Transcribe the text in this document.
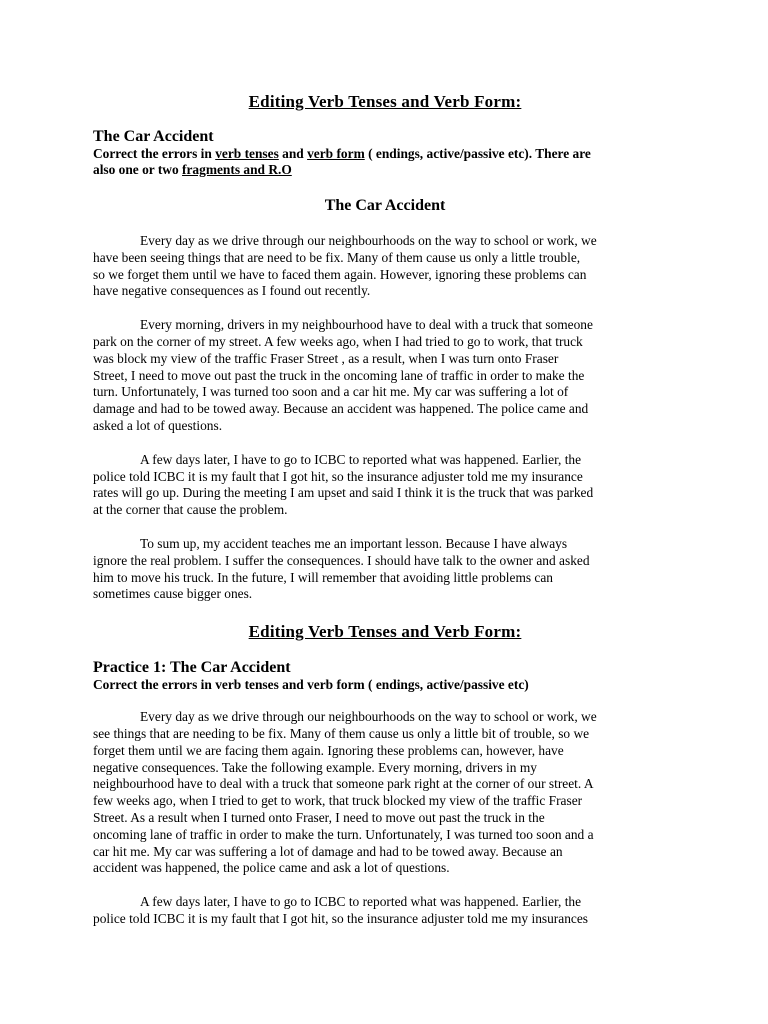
Editing Verb Tenses and Verb Form:
The Car Accident

Correct the errors in verb tenses and verb form ( endings, active/passive etc). There are
also one or two fragments and R.O

The Car Accident

Every day as we drive through our neighbourhoods on the way to school or work, we
have been seeing things that are need to be fix. Many of them cause us only a little trouble,
so we forget them until we have to faced them again. However, ignoring these problems can
have negative consequences as I found out recently.

Every morning, drivers in my neighbourhood have to deal with a truck that someone
park on the corner of my street. A few weeks ago, when I had tried to go to work, that truck
was block my view of the traffic Fraser Street , as a result, when I was turn onto Fraser
Street, I need to move out past the truck in the oncoming lane of traffic in order to make the
turn. Unfortunately, I was turned too soon and a car hit me. My car was suffering a lot of
damage and had to be towed away. Because an accident was happened. The police came and
asked a lot of questions.

A few days later, I have to go to ICBC to reported what was happened. Earlier, the
police told ICBC it is my fault that I got hit, so the insurance adjuster told me my insurance
rates will go up. During the meeting I am upset and said I think it is the truck that was parked
at the corner that cause the problem.

To sum up, my accident teaches me an important lesson. Because I have always
ignore the real problem. I suffer the consequences. I should have talk to the owner and asked
him to move his truck. In the future, I will remember that avoiding little problems can
sometimes cause bigger ones.

Editing Verb Tenses and Verb Form:
Practice 1: The Car Accident

Correct the errors in verb tenses and verb form ( endings, active/passive etc)

Every day as we drive through our neighbourhoods on the way to school or work, we
see things that are needing to be fix. Many of them cause us only a little bit of trouble, so we
forget them until we are facing them again. Ignoring these problems can, however, have
negative consequences. Take the following example. Every morning, drivers in my
neighbourhood have to deal with a truck that someone park right at the corner of our street. A
few weeks ago, when I tried to get to work, that truck blocked my view of the traffic Fraser
Street. As a result when I turned onto Fraser, I need to move out past the truck in the
oncoming lane of traffic in order to make the turn. Unfortunately, I was turned too soon and a
car hit me. My car was suffering a lot of damage and had to be towed away. Because an
accident was happened, the police came and ask a lot of questions.

A few days later, I have to go to ICBC to reported what was happened. Earlier, the
police told ICBC it is my fault that I got hit, so the insurance adjuster told me my insurances
